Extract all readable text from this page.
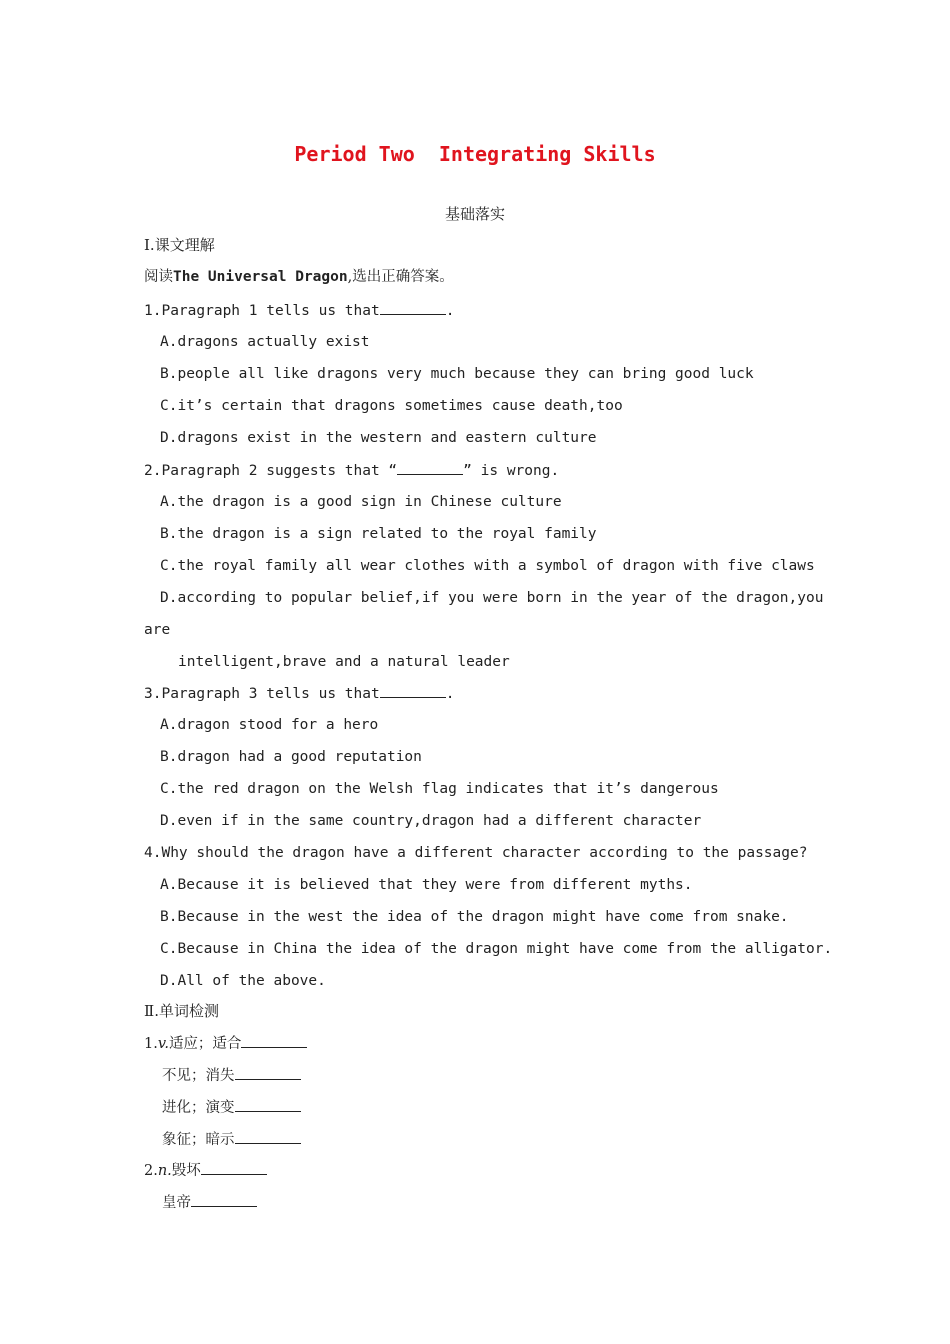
Period Two  Integrating Skills
基础落实
Ⅰ.课文理解
阅读The Universal Dragon,选出正确答案。
1.Paragraph 1 tells us that	.
A.dragons actually exist
B.people all like dragons very much because they can bring good luck
C.it’s certain that dragons sometimes cause death,too
D.dragons exist in the western and eastern culture
2.Paragraph 2 suggests that “	” is wrong.
A.the dragon is a good sign in Chinese culture
B.the dragon is a sign related to the royal family
C.the royal family all wear clothes with a symbol of dragon with five claws
D.according to popular belief,if you were born in the year of the dragon,you
are
intelligent,brave and a natural leader
3.Paragraph 3 tells us that	.
A.dragon stood for a hero
B.dragon had a good reputation
C.the red dragon on the Welsh flag indicates that it’s dangerous
D.even if in the same country,dragon had a different character
4.Why should the dragon have a different character according to the passage?
A.Because it is believed that they were from different myths.
B.Because in the west the idea of the dragon might have come from snake.
C.Because in China the idea of the dragon might have come from the alligator.
D.All of the above.
Ⅱ.单词检测
1.v.适应；适合
不见；消失
进化；演变
象征；暗示
2.n.毁坏
皇帝
